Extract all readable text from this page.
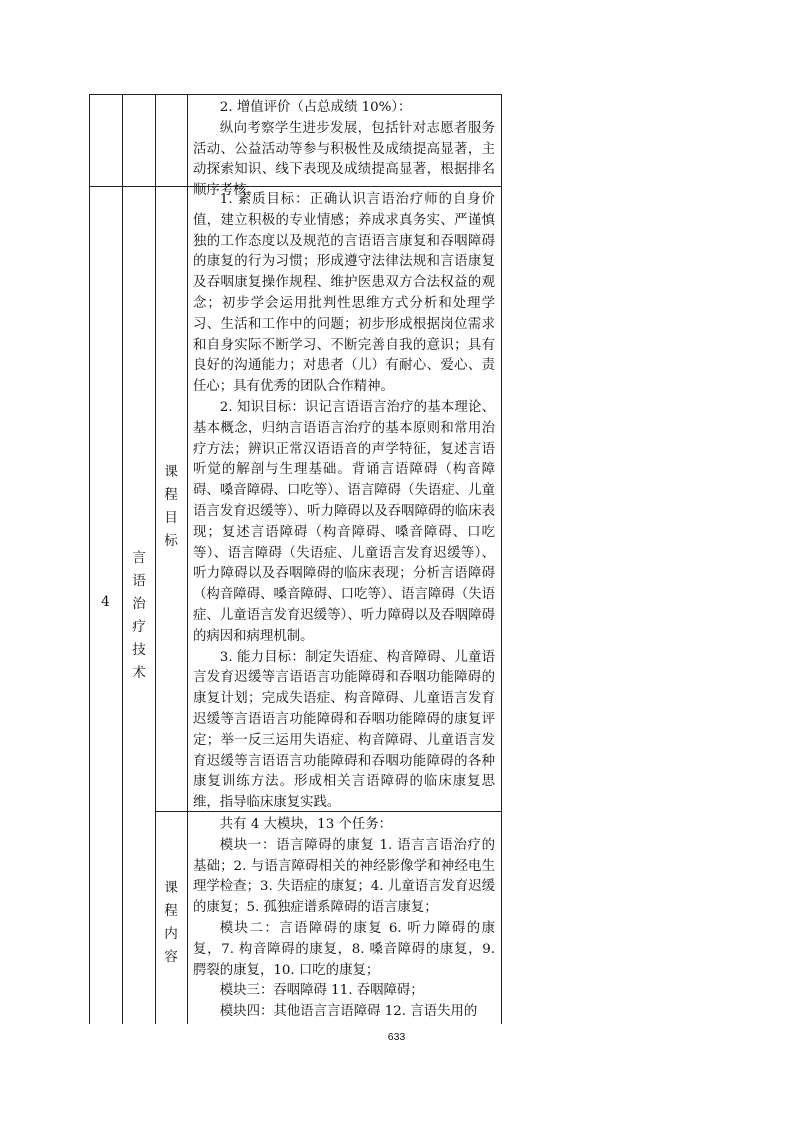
2. 增值评价（占总成绩 10%）：

纵向考察学生进步发展，包括针对志愿者服务活动、公益活动等参与积极性及成绩提高显著，主动探索知识、线下表现及成绩提高显著，根据排名顺序考核。

4
言
语
治
疗
技
术
课
程
目
标

1. 素质目标：正确认识言语治疗师的自身价值，建立积极的专业情感；养成求真务实、严谨慎独的工作态度以及规范的言语语言康复和吞咽障碍的康复的行为习惯；形成遵守法律法规和言语康复及吞咽康复操作规程、维护医患双方合法权益的观念；初步学会运用批判性思维方式分析和处理学习、生活和工作中的问题；初步形成根据岗位需求和自身实际不断学习、不断完善自我的意识；具有良好的沟通能力；对患者（儿）有耐心、爱心、责任心；具有优秀的团队合作精神。

2. 知识目标：识记言语语言治疗的基本理论、基本概念，归纳言语语言治疗的基本原则和常用治疗方法；辨识正常汉语语音的声学特征，复述言语听觉的解剖与生理基础。背诵言语障碍（构音障碍、嗓音障碍、口吃等）、语言障碍（失语症、儿童语言发育迟缓等）、听力障碍以及吞咽障碍的临床表现；复述言语障碍（构音障碍、嗓音障碍、口吃等）、语言障碍（失语症、儿童语言发育迟缓等）、听力障碍以及吞咽障碍的临床表现；分析言语障碍（构音障碍、嗓音障碍、口吃等）、语言障碍（失语症、儿童语言发育迟缓等）、听力障碍以及吞咽障碍的病因和病理机制。

3. 能力目标：制定失语症、构音障碍、儿童语言发育迟缓等言语语言功能障碍和吞咽功能障碍的康复计划；完成失语症、构音障碍、儿童语言发育迟缓等言语语言功能障碍和吞咽功能障碍的康复评定；举一反三运用失语症、构音障碍、儿童语言发育迟缓等言语语言功能障碍和吞咽功能障碍的各种康复训练方法。形成相关言语障碍的临床康复思维，指导临床康复实践。

课
程
内
容

共有 4 大模块，13 个任务：

模块一：语言障碍的康复 1. 语言言语治疗的基础；2. 与语言障碍相关的神经影像学和神经电生理学检查；3. 失语症的康复；4. 儿童语言发育迟缓的康复；5. 孤独症谱系障碍的语言康复；

模块二：言语障碍的康复 6. 听力障碍的康复，7. 构音障碍的康复，8. 嗓音障碍的康复，9. 腭裂的康复，10. 口吃的康复；

模块三：吞咽障碍 11. 吞咽障碍；

模块四：其他语言言语障碍 12. 言语失用的

633
